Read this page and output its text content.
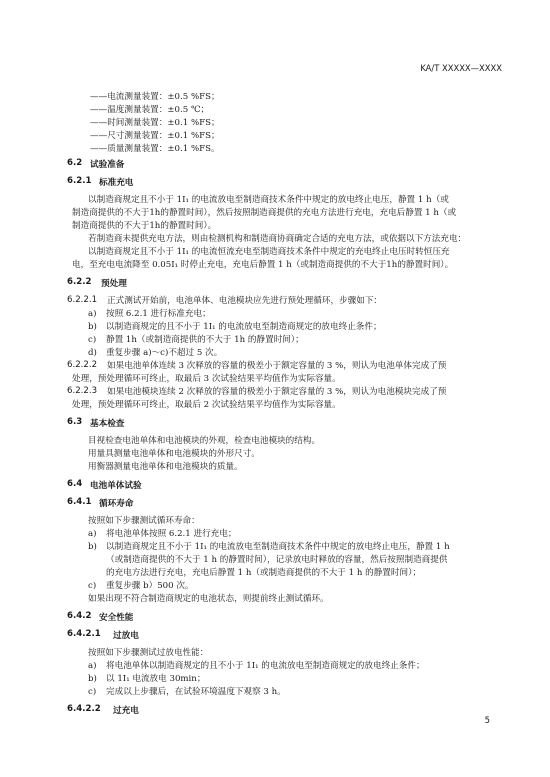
KA/T XXXXX—XXXX
——电流测量装置：±0.5 %FS；
——温度测量装置：±0.5 ℃；
——时间测量装置：±0.1 %FS；
——尺寸测量装置：±0.1 %FS；
——质量测量装置：±0.1 %FS。
6.2 试验准备
6.2.1 标准充电
以制造商规定且不小于 1I₁ 的电流放电至制造商技术条件中规定的放电终止电压，静置 1 h（或
制造商提供的不大于1h的静置时间），然后按照制造商提供的充电方法进行充电，充电后静置 1 h（或
制造商提供的不大于1h的静置时间）。
若制造商未提供充电方法，则由检测机构和制造商协商确定合适的充电方法，或依据以下方法充电：
以制造商规定且不小于 1I₁ 的电流恒流充电至制造商技术条件中规定的充电终止电压时转恒压充
电，至充电电流降至 0.05I₁ 时停止充电，充电后静置 1 h（或制造商提供的不大于1h的静置时间）。
6.2.2 预处理
6.2.2.1 正式测试开始前，电池单体、电池模块应先进行预处理循环，步骤如下：
a) 按照 6.2.1 进行标准充电；
b) 以制造商规定的且不小于 1I₁ 的电流放电至制造商规定的放电终止条件；
c) 静置 1h（或制造商提供的不大于 1h 的静置时间）；
d) 重复步骤 a)～c)不超过 5 次。
6.2.2.2 如果电池单体连续 3 次释放的容量的极差小于额定容量的 3 %，则认为电池单体完成了预
处理，预处理循环可终止，取最后 3 次试验结果平均值作为实际容量。
6.2.2.3 如果电池模块连续 2 次释放的容量的极差小于额定容量的 3 %，则认为电池模块完成了预
处理，预处理循环可终止，取最后 2 次试验结果平均值作为实际容量。
6.3 基本检查
目视检查电池单体和电池模块的外观，检查电池模块的结构。
用量具测量电池单体和电池模块的外形尺寸。
用衡器测量电池单体和电池模块的质量。
6.4 电池单体试验
6.4.1 循环寿命
按照如下步骤测试循环寿命：
a) 将电池单体按照 6.2.1 进行充电；
b) 以制造商规定且不小于 1I₁ 的电流放电至制造商技术条件中规定的放电终止电压，静置 1 h
（或制造商提供的不大于 1 h 的静置时间），记录放电时释放的容量，然后按照制造商提供
的充电方法进行充电，充电后静置 1 h（或制造商提供的不大于 1 h 的静置时间）；
c) 重复步骤 b）500 次。
如果出现不符合制造商规定的电池状态，则提前终止测试循环。
6.4.2 安全性能
6.4.2.1 过放电
按照如下步骤测试过放电性能：
a) 将电池单体以制造商规定的且不小于 1I₁ 的电流放电至制造商规定的放电终止条件；
b) 以 1I₁ 电流放电 30min；
c) 完成以上步骤后，在试验环境温度下观察 3 h。
6.4.2.2 过充电
5
